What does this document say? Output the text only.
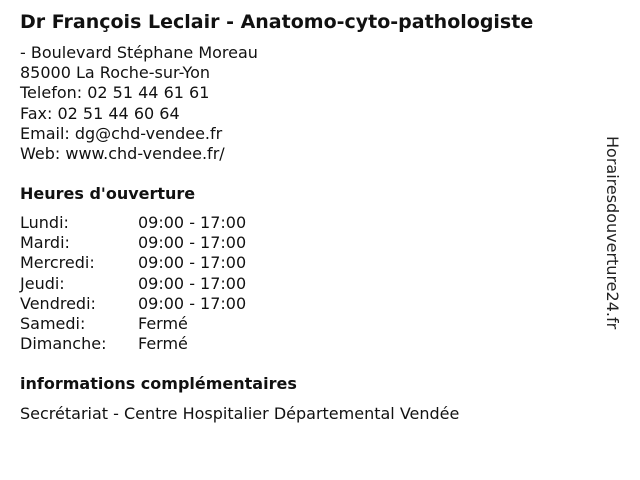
Dr François Leclair - Anatomo-cyto-pathologiste
- Boulevard Stéphane Moreau
85000 La Roche-sur-Yon
Telefon: 02 51 44 61 61
Fax: 02 51 44 60 64
Email: dg@chd-vendee.fr
Web: www.chd-vendee.fr/
Heures d'ouverture
Lundi:	09:00 - 17:00
Mardi:	09:00 - 17:00
Mercredi:	09:00 - 17:00
Jeudi:	09:00 - 17:00
Vendredi:	09:00 - 17:00
Samedi:	Fermé
Dimanche: Fermé
informations complémentaires
Secrétariat - Centre Hospitalier Départemental Vendée
Horairesdouverture24.fr
